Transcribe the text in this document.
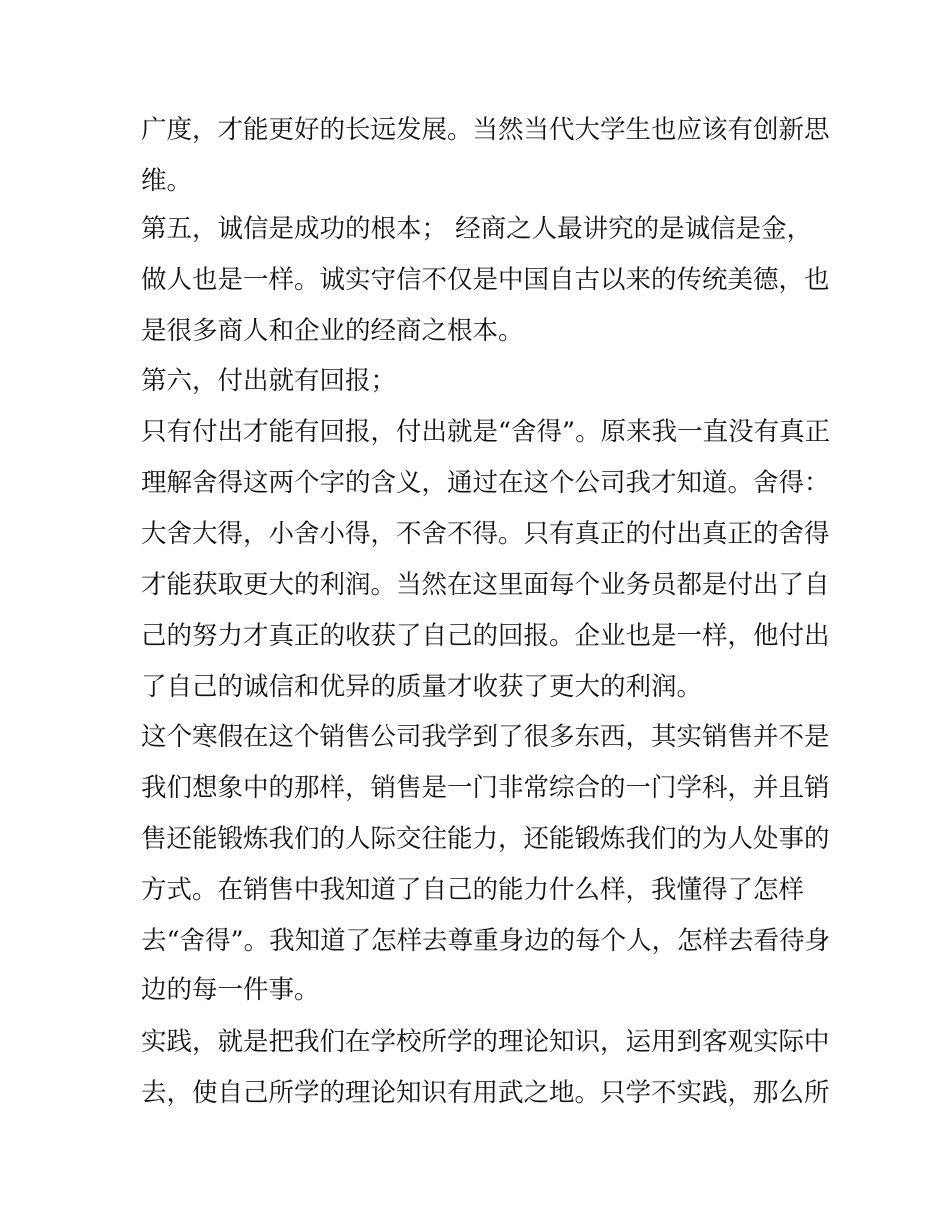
广度，才能更好的长远发展。当然当代大学生也应该有创新思
维。
第五，诚信是成功的根本； 经商之人最讲究的是诚信是金，
做人也是一样。诚实守信不仅是中国自古以来的传统美德，也
是很多商人和企业的经商之根本。
第六，付出就有回报；
只有付出才能有回报，付出就是“舍得”。原来我一直没有真正
理解舍得这两个字的含义，通过在这个公司我才知道。舍得：
大舍大得，小舍小得，不舍不得。只有真正的付出真正的舍得
才能获取更大的利润。当然在这里面每个业务员都是付出了自
己的努力才真正的收获了自己的回报。企业也是一样，他付出
了自己的诚信和优异的质量才收获了更大的利润。
这个寒假在这个销售公司我学到了很多东西，其实销售并不是
我们想象中的那样，销售是一门非常综合的一门学科，并且销
售还能锻炼我们的人际交往能力，还能锻炼我们的为人处事的
方式。在销售中我知道了自己的能力什么样，我懂得了怎样
去“舍得”。我知道了怎样去尊重身边的每个人，怎样去看待身
边的每一件事。
实践，就是把我们在学校所学的理论知识，运用到客观实际中
去，使自己所学的理论知识有用武之地。只学不实践，那么所
